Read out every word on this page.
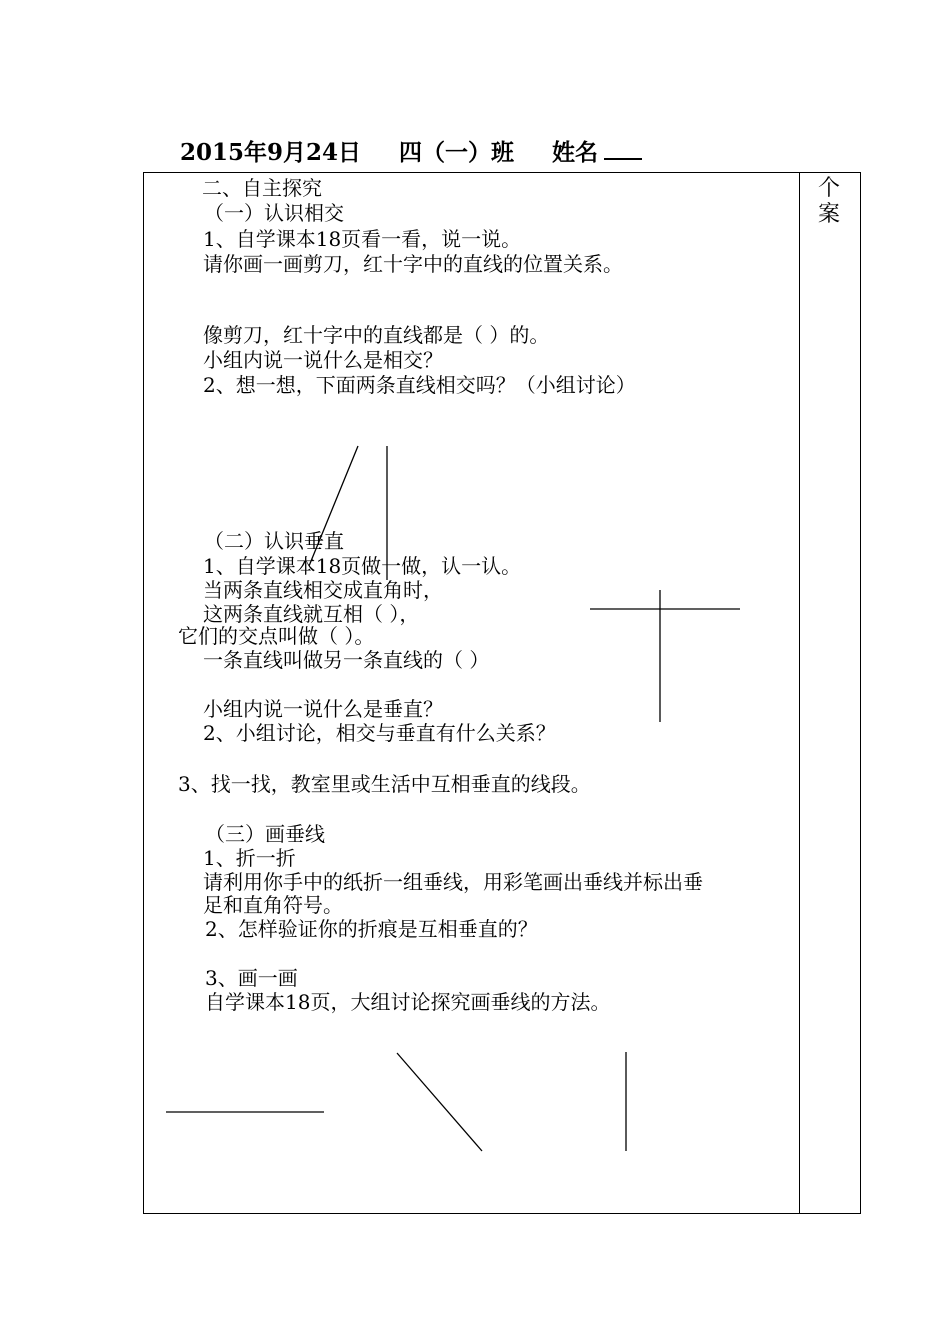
2015年9月24日 四（一）班 姓名
个
案
二、自主探究
（一）认识相交
1、自学课本18页看一看，说一说。
请你画一画剪刀，红十字中的直线的位置关系。
像剪刀，红十字中的直线都是（ ）的。
小组内说一说什么是相交？
2、想一想，下面两条直线相交吗？（小组讨论）
（二）认识垂直
1、自学课本18页做一做，认一认。
当两条直线相交成直角时，
这两条直线就互相（ ），
它们的交点叫做（ ）。
一条直线叫做另一条直线的（ ）
小组内说一说什么是垂直？
2、小组讨论，相交与垂直有什么关系？
3、找一找，教室里或生活中互相垂直的线段。
（三）画垂线
1、折一折
请利用你手中的纸折一组垂线，用彩笔画出垂线并标出垂
足和直角符号。
2、怎样验证你的折痕是互相垂直的？
3、画一画
自学课本18页，大组讨论探究画垂线的方法。
